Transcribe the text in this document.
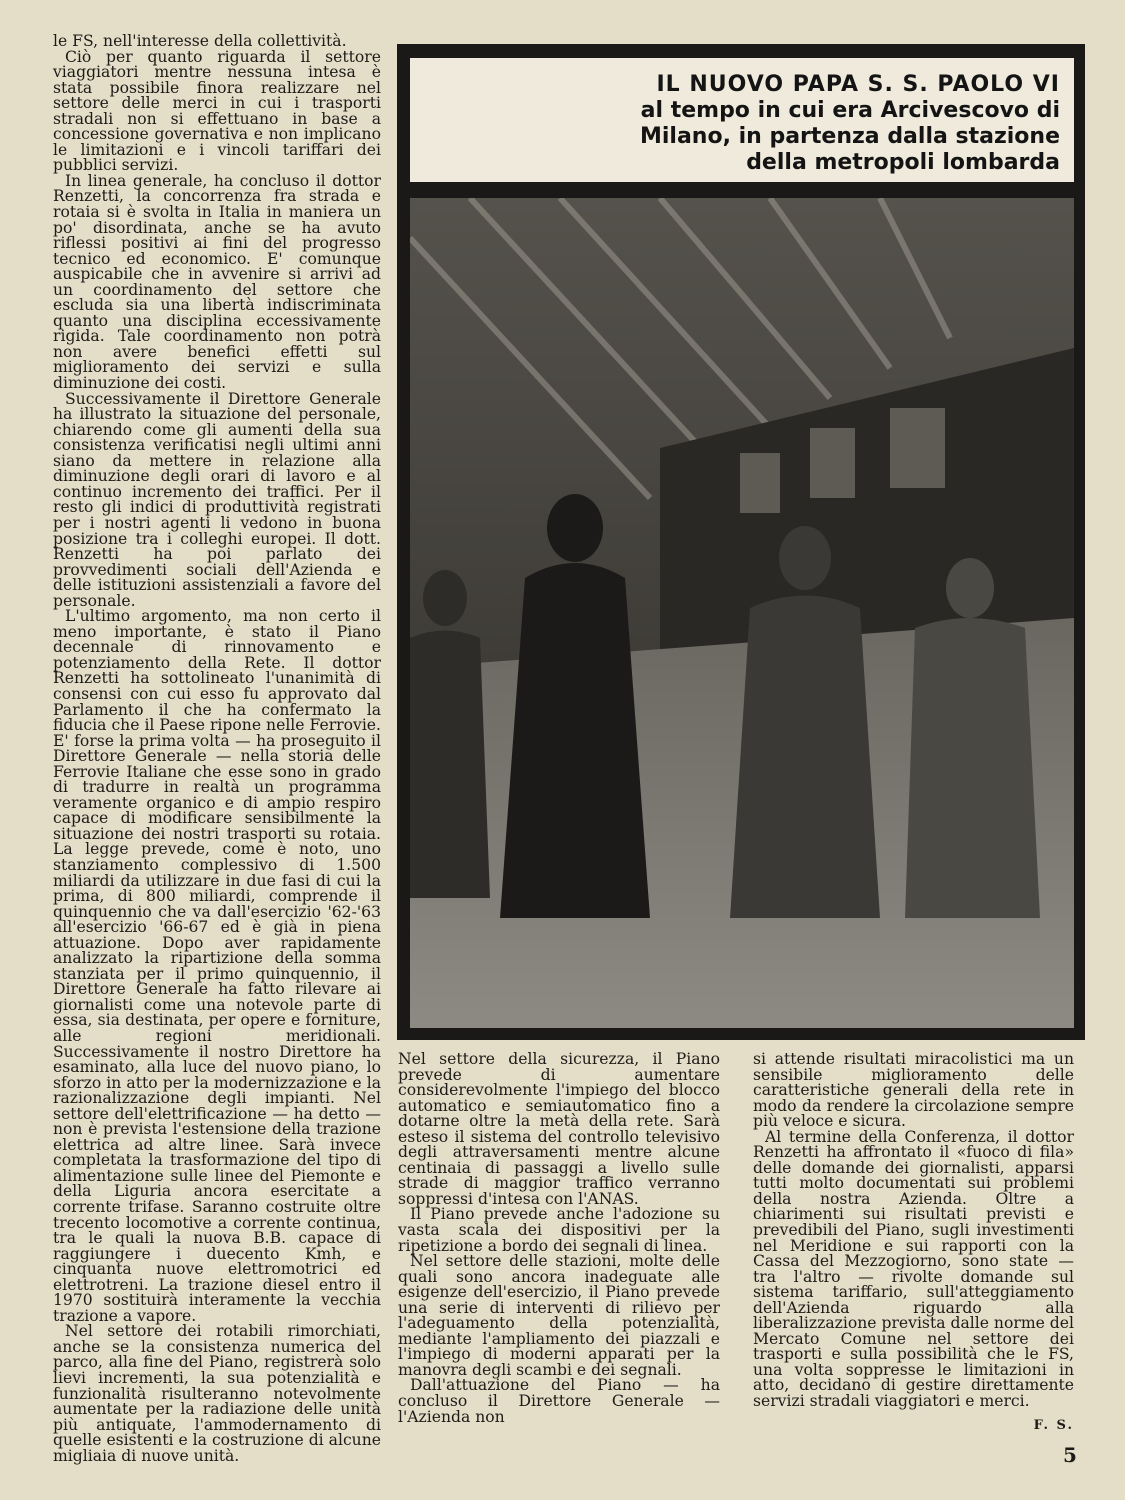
le FS, nell'interesse della collettività.

Ciò per quanto riguarda il settore viaggiatori mentre nessuna intesa è stata possibile finora realizzare nel settore delle merci in cui i trasporti stradali non si effettuano in base a concessione governativa e non implicano le limitazioni e i vincoli tariffari dei pubblici servizi.

In linea generale, ha concluso il dottor Renzetti, la concorrenza fra strada e rotaia si è svolta in Italia in maniera un po' disordinata, anche se ha avuto riflessi positivi ai fini del progresso tecnico ed economico. E' comunque auspicabile che in avvenire si arrivi ad un coordinamento del settore che escluda sia una libertà indiscriminata quanto una disciplina eccessivamente rigida. Tale coordinamento non potrà non avere benefici effetti sul miglioramento dei servizi e sulla diminuzione dei costi.

Successivamente il Direttore Generale ha illustrato la situazione del personale, chiarendo come gli aumenti della sua consistenza verificatisi negli ultimi anni siano da mettere in relazione alla diminuzione degli orari di lavoro e al continuo incremento dei traffici. Per il resto gli indici di produttività registrati per i nostri agenti li vedono in buona posizione tra i colleghi europei. Il dott. Renzetti ha poi parlato dei provvedimenti sociali dell'Azienda e delle istituzioni assistenziali a favore del personale.

L'ultimo argomento, ma non certo il meno importante, è stato il Piano decennale di rinnovamento e potenziamento della Rete. Il dottor Renzetti ha sottolineato l'unanimità di consensi con cui esso fu approvato dal Parlamento il che ha confermato la fiducia che il Paese ripone nelle Ferrovie. E' forse la prima volta — ha proseguito il Direttore Generale — nella storia delle Ferrovie Italiane che esse sono in grado di tradurre in realtà un programma veramente organico e di ampio respiro capace di modificare sensibilmente la situazione dei nostri trasporti su rotaia. La legge prevede, come è noto, uno stanziamento complessivo di 1.500 miliardi da utilizzare in due fasi di cui la prima, di 800 miliardi, comprende il quinquennio che va dall'esercizio '62-'63 all'esercizio '66-67 ed è già in piena attuazione. Dopo aver rapidamente analizzato la ripartizione della somma stanziata per il primo quinquennio, il Direttore Generale ha fatto rilevare ai giornalisti come una notevole parte di essa, sia destinata, per opere e forniture, alle regioni meridionali. Successivamente il nostro Direttore ha esaminato, alla luce del nuovo piano, lo sforzo in atto per la modernizzazione e la razionalizzazione degli impianti. Nel settore dell'elettrificazione — ha detto — non è prevista l'estensione della trazione elettrica ad altre linee. Sarà invece completata la trasformazione del tipo di alimentazione sulle linee del Piemonte e della Liguria ancora esercitate a corrente trifase. Saranno costruite oltre trecento locomotive a corrente continua, tra le quali la nuova B.B. capace di raggiungere i duecento Kmh, e cinquanta nuove elettromotrici ed elettrotreni. La trazione diesel entro il 1970 sostituirà interamente la vecchia trazione a vapore.

Nel settore dei rotabili rimorchiati, anche se la consistenza numerica del parco, alla fine del Piano, registrerà solo lievi incrementi, la sua potenzialità e funzionalità risulteranno notevolmente aumentate per la radiazione delle unità più antiquate, l'ammodernamento di quelle esistenti e la costruzione di alcune migliaia di nuove unità.

IL NUOVO PAPA S. S. PAOLO VI
al tempo in cui era Arcivescovo di Milano, in partenza dalla stazione della metropoli lombarda

Nel settore della sicurezza, il Piano prevede di aumentare considerevolmente l'impiego del blocco automatico e semiautomatico fino a dotarne oltre la metà della rete. Sarà esteso il sistema del controllo televisivo degli attraversamenti mentre alcune centinaia di passaggi a livello sulle strade di maggior traffico verranno soppressi d'intesa con l'ANAS.

Il Piano prevede anche l'adozione su vasta scala dei dispositivi per la ripetizione a bordo dei segnali di linea.

Nel settore delle stazioni, molte delle quali sono ancora inadeguate alle esigenze dell'esercizio, il Piano prevede una serie di interventi di rilievo per l'adeguamento della potenzialità, mediante l'ampliamento dei piazzali e l'impiego di moderni apparati per la manovra degli scambi e dei segnali.

Dall'attuazione del Piano — ha concluso il Direttore Generale — l'Azienda non

si attende risultati miracolistici ma un sensibile miglioramento delle caratteristiche generali della rete in modo da rendere la circolazione sempre più veloce e sicura.

Al termine della Conferenza, il dottor Renzetti ha affrontato il «fuoco di fila» delle domande dei giornalisti, apparsi tutti molto documentati sui problemi della nostra Azienda. Oltre a chiarimenti sui risultati previsti e prevedibili del Piano, sugli investimenti nel Meridione e sui rapporti con la Cassa del Mezzogiorno, sono state — tra l'altro — rivolte domande sul sistema tariffario, sull'atteggiamento dell'Azienda riguardo alla liberalizzazione prevista dalle norme del Mercato Comune nel settore dei trasporti e sulla possibilità che le FS, una volta soppresse le limitazioni in atto, decidano di gestire direttamente servizi stradali viaggiatori e merci.

F. S.

5
